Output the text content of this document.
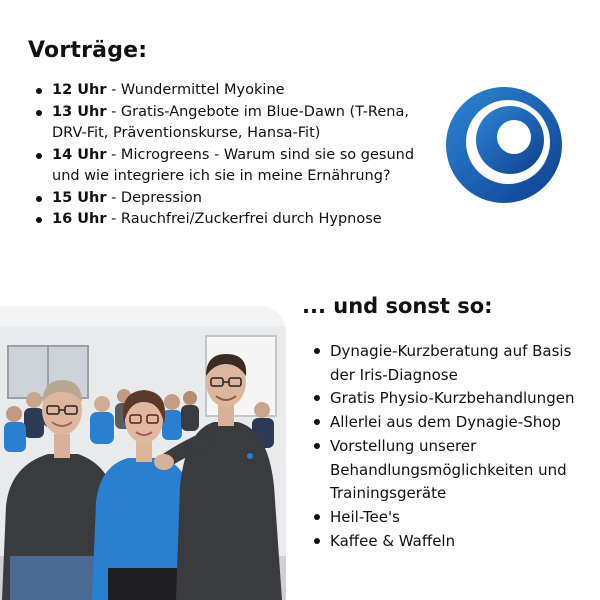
Vorträge:
12 Uhr - Wundermittel Myokine
13 Uhr - Gratis-Angebote im Blue-Dawn (T-Rena, DRV-Fit, Präventionskurse, Hansa-Fit)
14 Uhr - Microgreens - Warum sind sie so gesund und wie integriere ich sie in meine Ernährung?
15 Uhr - Depression
16 Uhr - Rauchfrei/Zuckerfrei durch Hypnose
... und sonst so:
Dynagie-Kurzberatung auf Basis der Iris-Diagnose
Gratis Physio-Kurzbehandlungen
Allerlei aus dem Dynagie-Shop
Vorstellung unserer Behandlungsmöglichkeiten und Trainingsgeräte
Heil-Tee's
Kaffee & Waffeln
